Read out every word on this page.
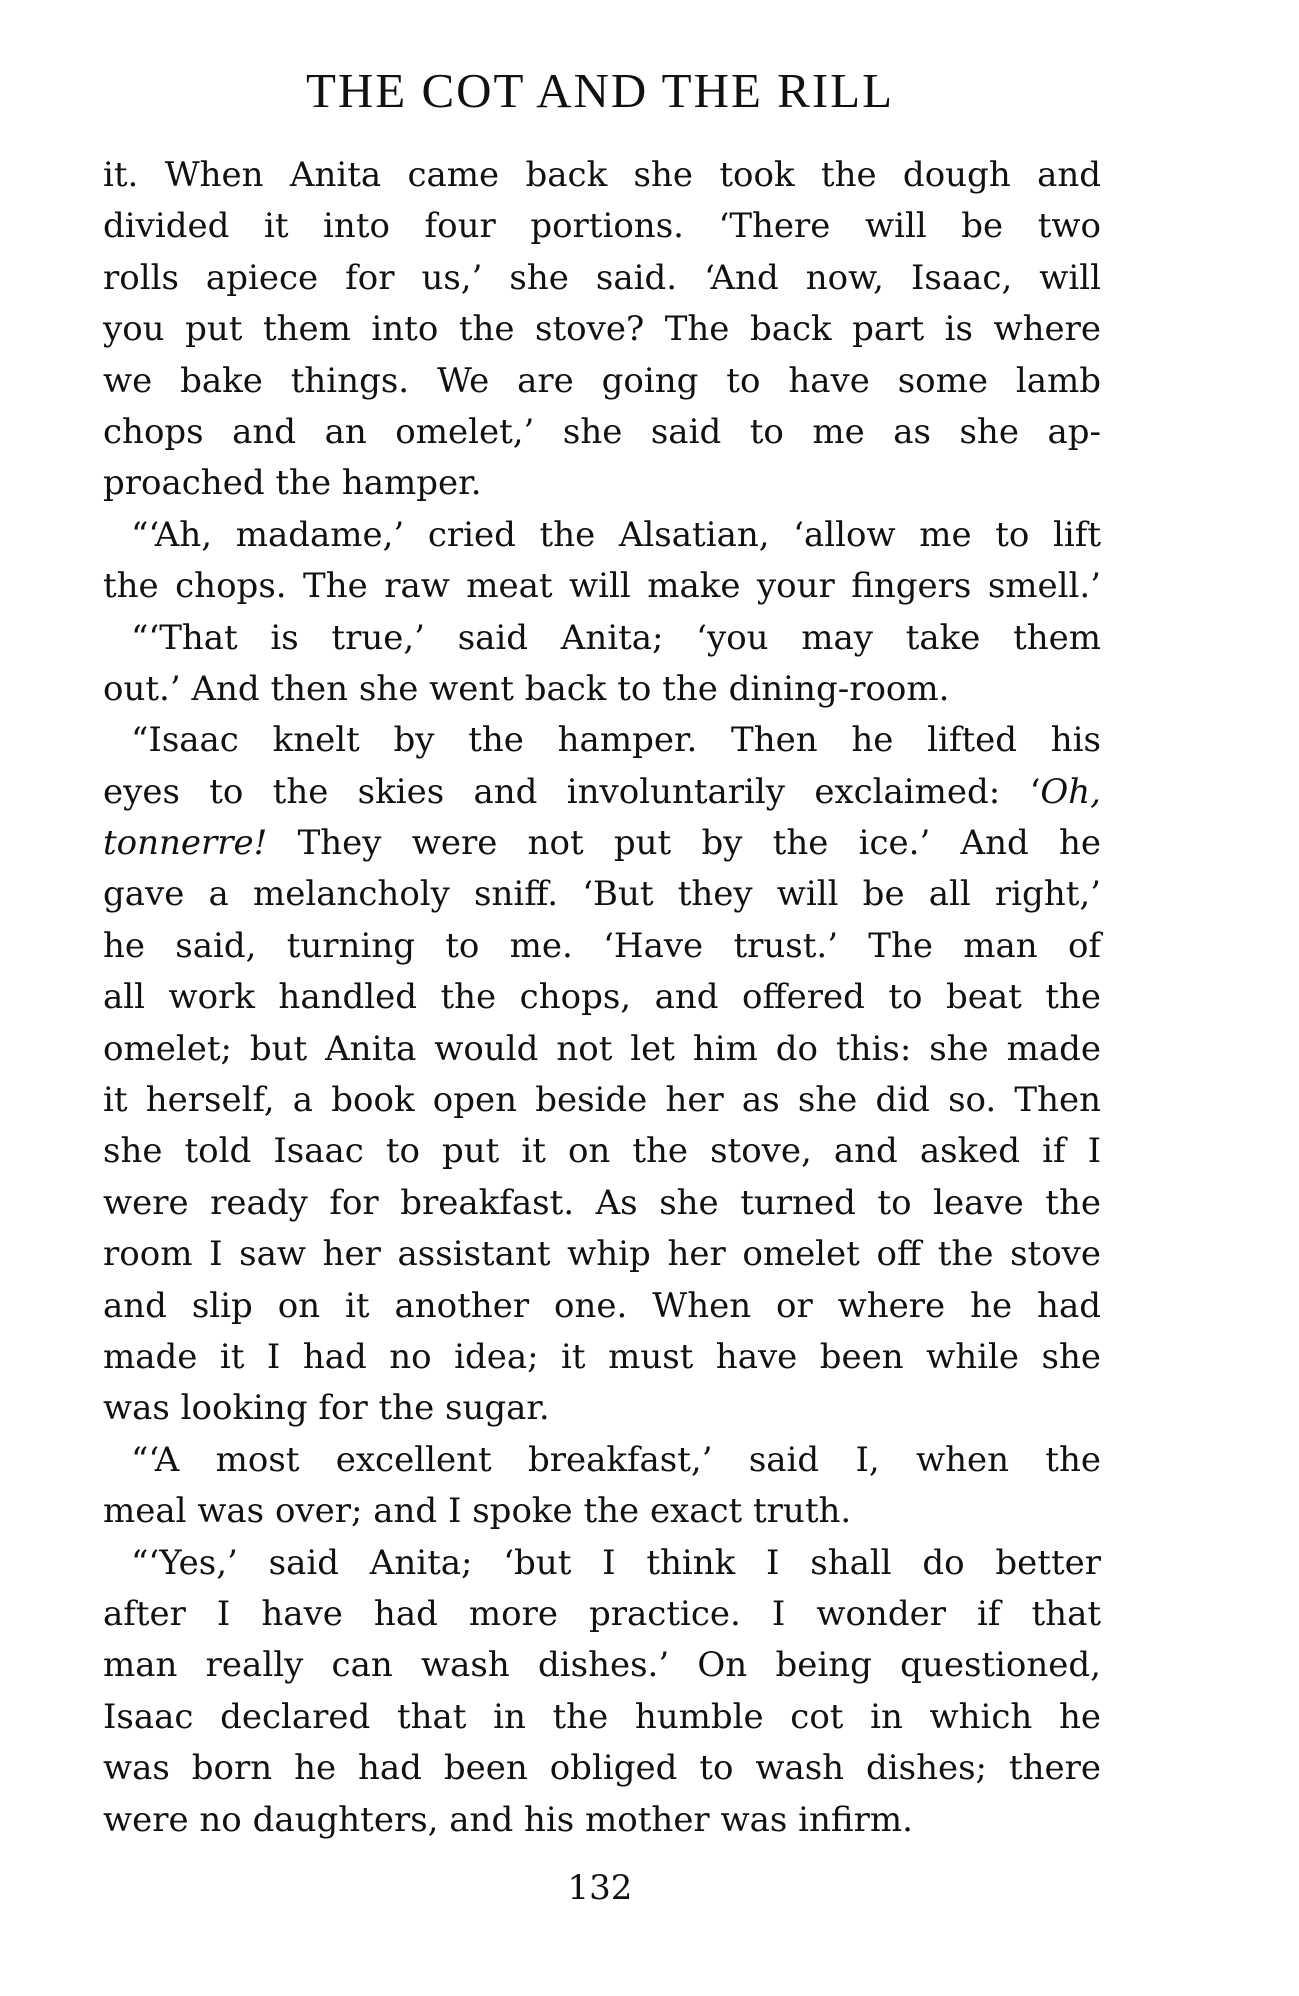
THE COT AND THE RILL
it. When Anita came back she took the dough and
divided it into four portions. ‘There will be two
rolls apiece for us,’ she said. ‘And now, Isaac, will
you put them into the stove? The back part is where
we bake things. We are going to have some lamb
chops and an omelet,’ she said to me as she ap-
proached the hamper.
“‘Ah, madame,’ cried the Alsatian, ‘allow me to lift
the chops. The raw meat will make your fingers smell.’
“‘That is true,’ said Anita; ‘you may take them
out.’ And then she went back to the dining-room.
“Isaac knelt by the hamper. Then he lifted his
eyes to the skies and involuntarily exclaimed: ‘Oh,
tonnerre! They were not put by the ice.’ And he
gave a melancholy sniff. ‘But they will be all right,’
he said, turning to me. ‘Have trust.’ The man of
all work handled the chops, and offered to beat the
omelet; but Anita would not let him do this: she made
it herself, a book open beside her as she did so. Then
she told Isaac to put it on the stove, and asked if I
were ready for breakfast. As she turned to leave the
room I saw her assistant whip her omelet off the stove
and slip on it another one. When or where he had
made it I had no idea; it must have been while she
was looking for the sugar.
“‘A most excellent breakfast,’ said I, when the
meal was over; and I spoke the exact truth.
“‘Yes,’ said Anita; ‘but I think I shall do better
after I have had more practice. I wonder if that
man really can wash dishes.’ On being questioned,
Isaac declared that in the humble cot in which he
was born he had been obliged to wash dishes; there
were no daughters, and his mother was infirm.
132
